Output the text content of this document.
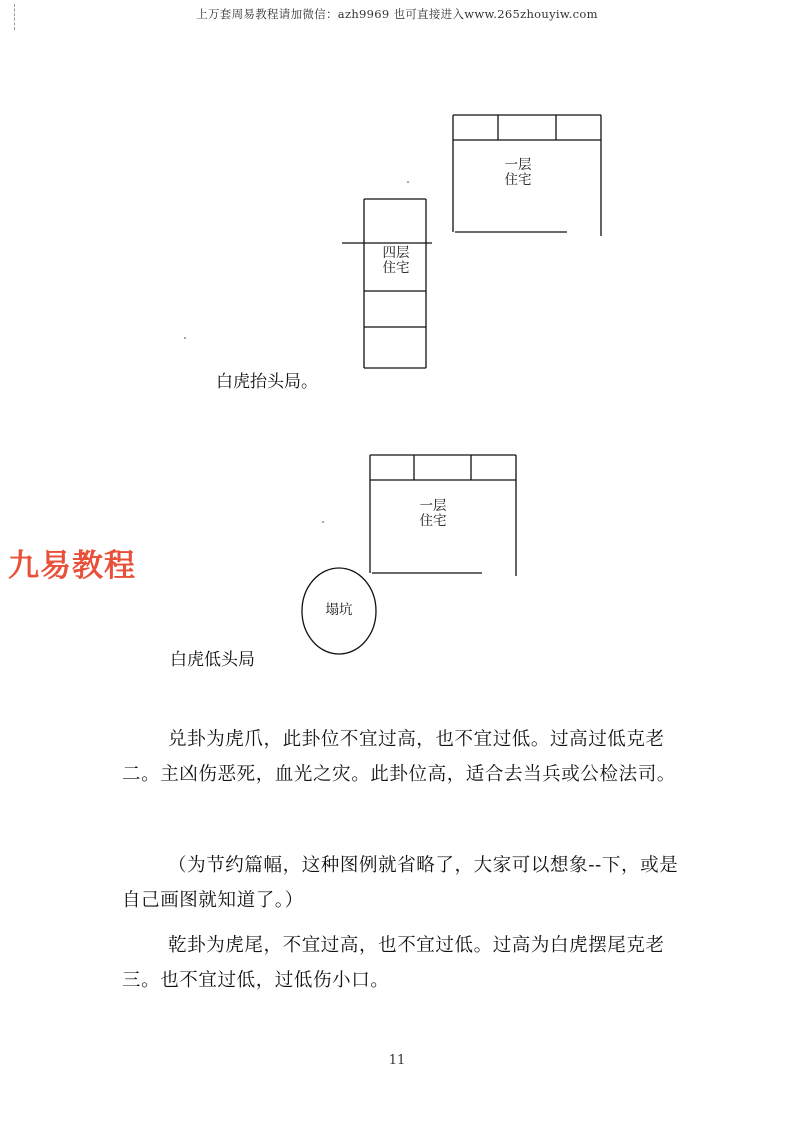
上万套周易教程请加微信：azh9969 也可直接进入www.265zhouyiw.com
一层
住宅
四层
住宅
白虎抬头局。
一层
住宅
塌坑
白虎低头局
九易教程

兑卦为虎爪，此卦位不宜过高，也不宜过低。过高过低克老二。主凶伤恶死，血光之灾。此卦位高，适合去当兵或公检法司。

（为节约篇幅，这种图例就省略了，大家可以想象--下，或是自己画图就知道了。）

乾卦为虎尾，不宜过高，也不宜过低。过高为白虎摆尾克老三。也不宜过低，过低伤小口。

11
